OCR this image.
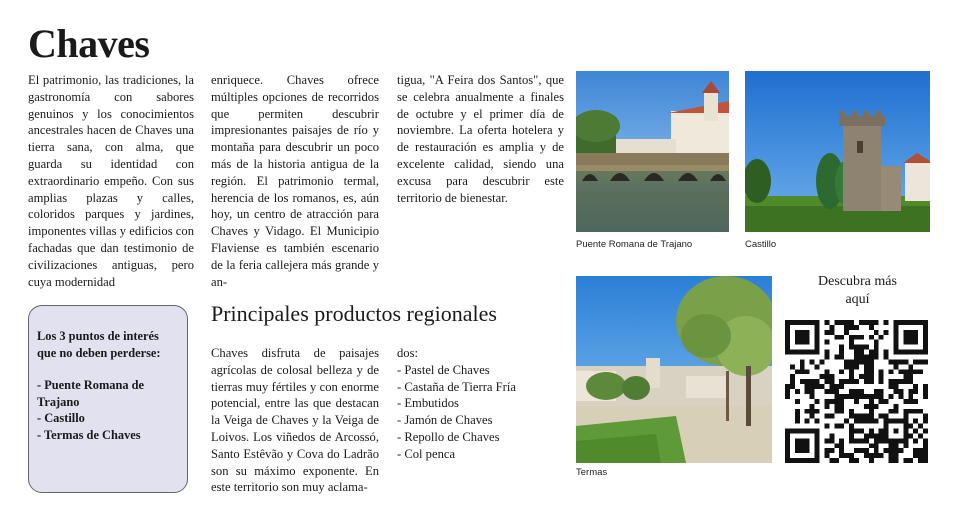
Chaves

El patrimonio, las tradiciones, la gastronomía con sabores genuinos y los conocimientos ancestrales hacen de Chaves una tierra sana, con alma, que guarda su identidad con extraordinario empeño. Con sus amplias plazas y calles, coloridos parques y jardines, imponentes villas y edificios con fachadas que dan testimonio de civilizaciones antiguas, pero cuya modernidad

enriquece. Chaves ofrece múltiples opciones de recorridos que permiten descubrir impresionantes paisajes de río y montaña para descubrir un poco más de la historia antigua de la región. El patrimonio termal, herencia de los romanos, es, aún hoy, un centro de atracción para Chaves y Vidago. El Municipio Flaviense es también escenario de la feria callejera más grande y an-

tigua, "A Feira dos Santos", que se celebra anualmente a finales de octubre y el primer día de noviembre. La oferta hotelera y de restauración es amplia y de excelente calidad, siendo una excusa para descubrir este territorio de bienestar.

Puente Romana de Trajano	Castillo
Termas

Los 3 puntos de interés que no deben perderse:

- Puente Romana de Trajano
- Castillo
- Termas de Chaves
Principales productos regionales

Chaves disfruta de paisajes agrícolas de colosal belleza y de tierras muy fértiles y con enorme potencial, entre las que destacan la Veiga de Chaves y la Veiga de Loivos. Los viñedos de Arcossó, Santo Estêvão y Cova do Ladrão son su máximo exponente. En este territorio son muy aclama-

dos:

- Pastel de Chaves
- Castaña de Tierra Fría
- Embutidos
- Jamón de Chaves
- Repollo de Chaves
- Col penca
Descubra más aquí
